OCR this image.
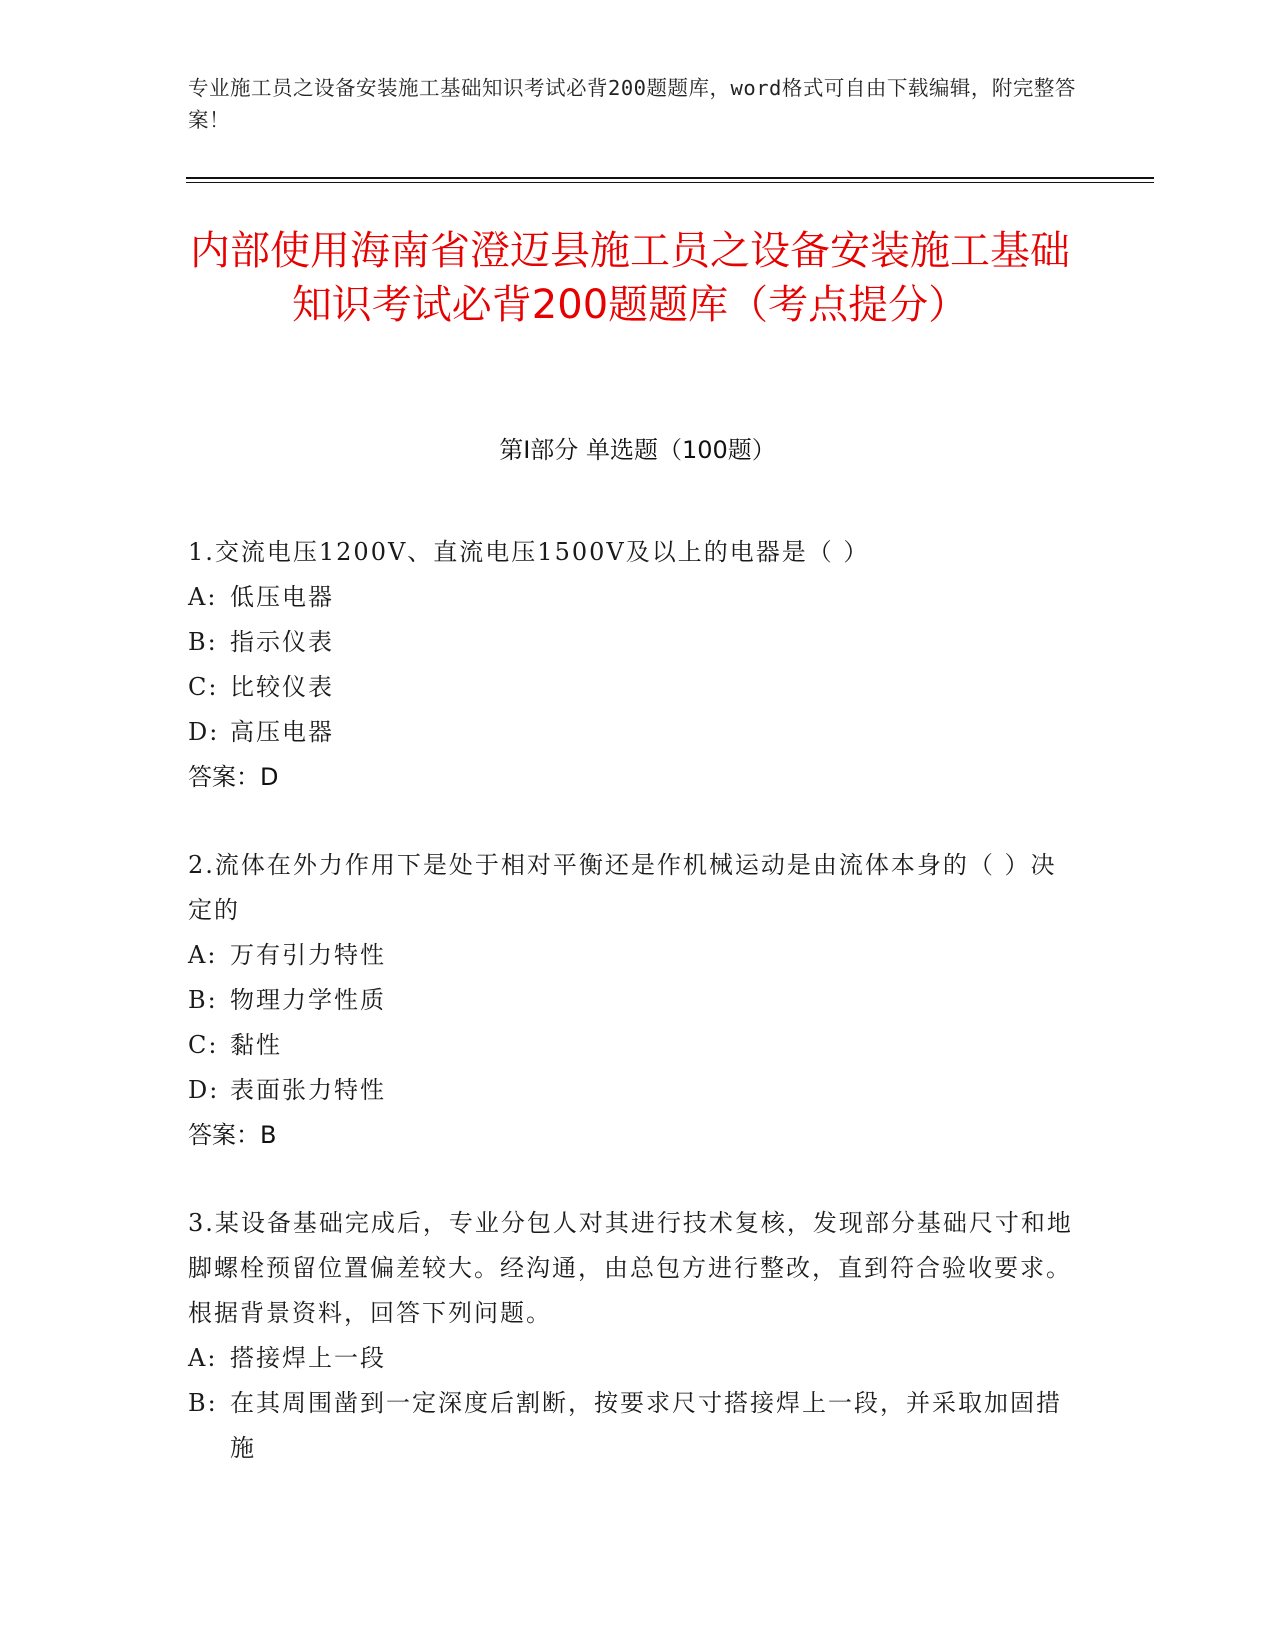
专业施工员之设备安装施工基础知识考试必背200题题库，word格式可自由下载编辑，附完整答案！
内部使用海南省澄迈县施工员之设备安装施工基础知识考试必背200题题库（考点提分）
第I部分 单选题（100题）
1.交流电压1200V、直流电压1500V及以上的电器是（ ）
A: 低压电器
B: 指示仪表
C: 比较仪表
D: 高压电器
答案：D
2.流体在外力作用下是处于相对平衡还是作机械运动是由流体本身的（ ）决定的
A: 万有引力特性
B: 物理力学性质
C: 黏性
D: 表面张力特性
答案：B
3.某设备基础完成后，专业分包人对其进行技术复核，发现部分基础尺寸和地脚螺栓预留位置偏差较大。经沟通，由总包方进行整改，直到符合验收要求。根据背景资料，回答下列问题。
A: 搭接焊上一段
B: 在其周围凿到一定深度后割断，按要求尺寸搭接焊上一段，并采取加固措施
